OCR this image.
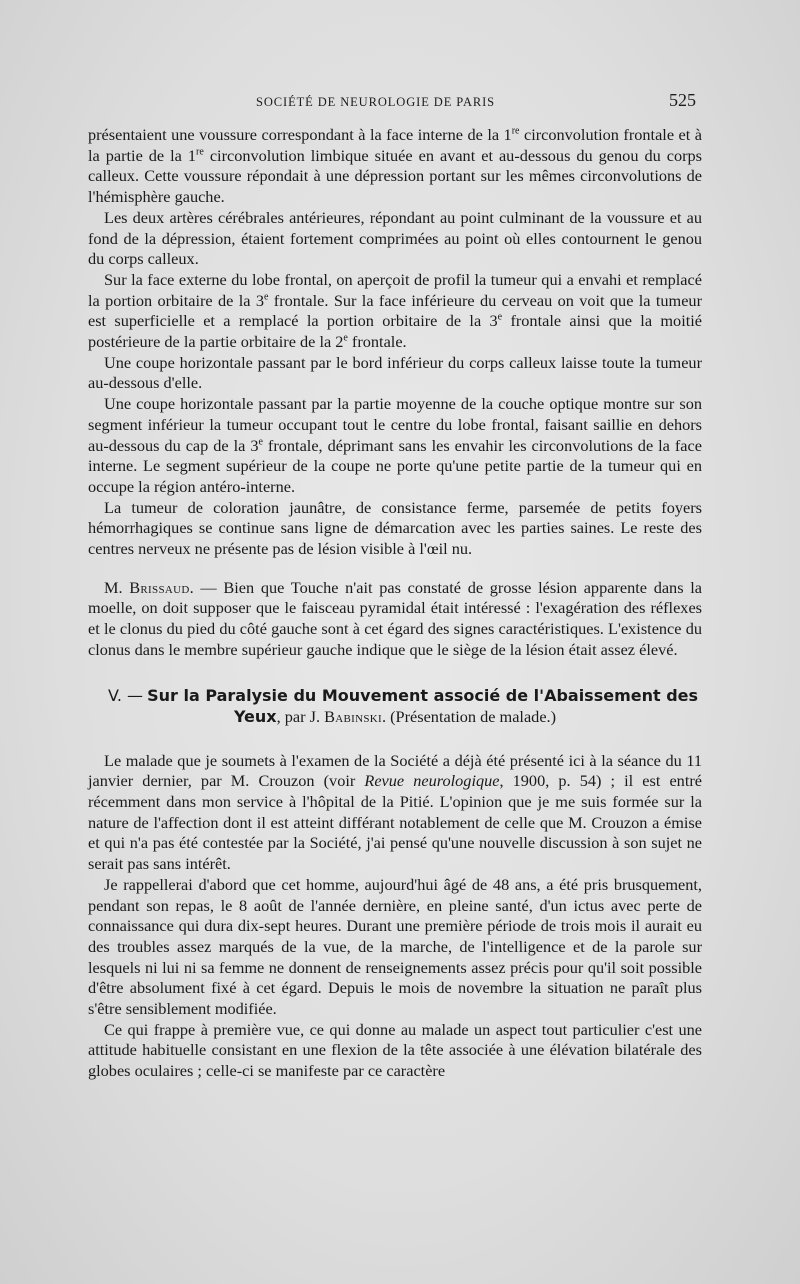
SOCIÉTÉ DE NEUROLOGIE DE PARIS	525

présentaient une voussure correspondant à la face interne de la 1re circonvolution frontale et à la partie de la 1re circonvolution limbique située en avant et au-dessous du genou du corps calleux. Cette voussure répondait à une dépression portant sur les mêmes circonvolutions de l'hémisphère gauche.

Les deux artères cérébrales antérieures, répondant au point culminant de la voussure et au fond de la dépression, étaient fortement comprimées au point où elles contournent le genou du corps calleux.

Sur la face externe du lobe frontal, on aperçoit de profil la tumeur qui a envahi et remplacé la portion orbitaire de la 3e frontale. Sur la face inférieure du cerveau on voit que la tumeur est superficielle et a remplacé la portion orbitaire de la 3e frontale ainsi que la moitié postérieure de la partie orbitaire de la 2e frontale.

Une coupe horizontale passant par le bord inférieur du corps calleux laisse toute la tumeur au-dessous d'elle.

Une coupe horizontale passant par la partie moyenne de la couche optique montre sur son segment inférieur la tumeur occupant tout le centre du lobe frontal, faisant saillie en dehors au-dessous du cap de la 3e frontale, déprimant sans les envahir les circonvolutions de la face interne. Le segment supérieur de la coupe ne porte qu'une petite partie de la tumeur qui en occupe la région antéro-interne.

La tumeur de coloration jaunâtre, de consistance ferme, parsemée de petits foyers hémorrhagiques se continue sans ligne de démarcation avec les parties saines. Le reste des centres nerveux ne présente pas de lésion visible à l'œil nu.

M. Brissaud. — Bien que Touche n'ait pas constaté de grosse lésion apparente dans la moelle, on doit supposer que le faisceau pyramidal était intéressé : l'exagération des réflexes et le clonus du pied du côté gauche sont à cet égard des signes caractéristiques. L'existence du clonus dans le membre supérieur gauche indique que le siège de la lésion était assez élevé.

V. — Sur la Paralysie du Mouvement associé de l'Abaissement des Yeux, par J. Babinski. (Présentation de malade.)

Le malade que je soumets à l'examen de la Société a déjà été présenté ici à la séance du 11 janvier dernier, par M. Crouzon (voir Revue neurologique, 1900, p. 54) ; il est entré récemment dans mon service à l'hôpital de la Pitié. L'opinion que je me suis formée sur la nature de l'affection dont il est atteint différant notablement de celle que M. Crouzon a émise et qui n'a pas été contestée par la Société, j'ai pensé qu'une nouvelle discussion à son sujet ne serait pas sans intérêt.

Je rappellerai d'abord que cet homme, aujourd'hui âgé de 48 ans, a été pris brusquement, pendant son repas, le 8 août de l'année dernière, en pleine santé, d'un ictus avec perte de connaissance qui dura dix-sept heures. Durant une première période de trois mois il aurait eu des troubles assez marqués de la vue, de la marche, de l'intelligence et de la parole sur lesquels ni lui ni sa femme ne donnent de renseignements assez précis pour qu'il soit possible d'être absolument fixé à cet égard. Depuis le mois de novembre la situation ne paraît plus s'être sensiblement modifiée.

Ce qui frappe à première vue, ce qui donne au malade un aspect tout particulier c'est une attitude habituelle consistant en une flexion de la tête associée à une élévation bilatérale des globes oculaires ; celle-ci se manifeste par ce caractère
